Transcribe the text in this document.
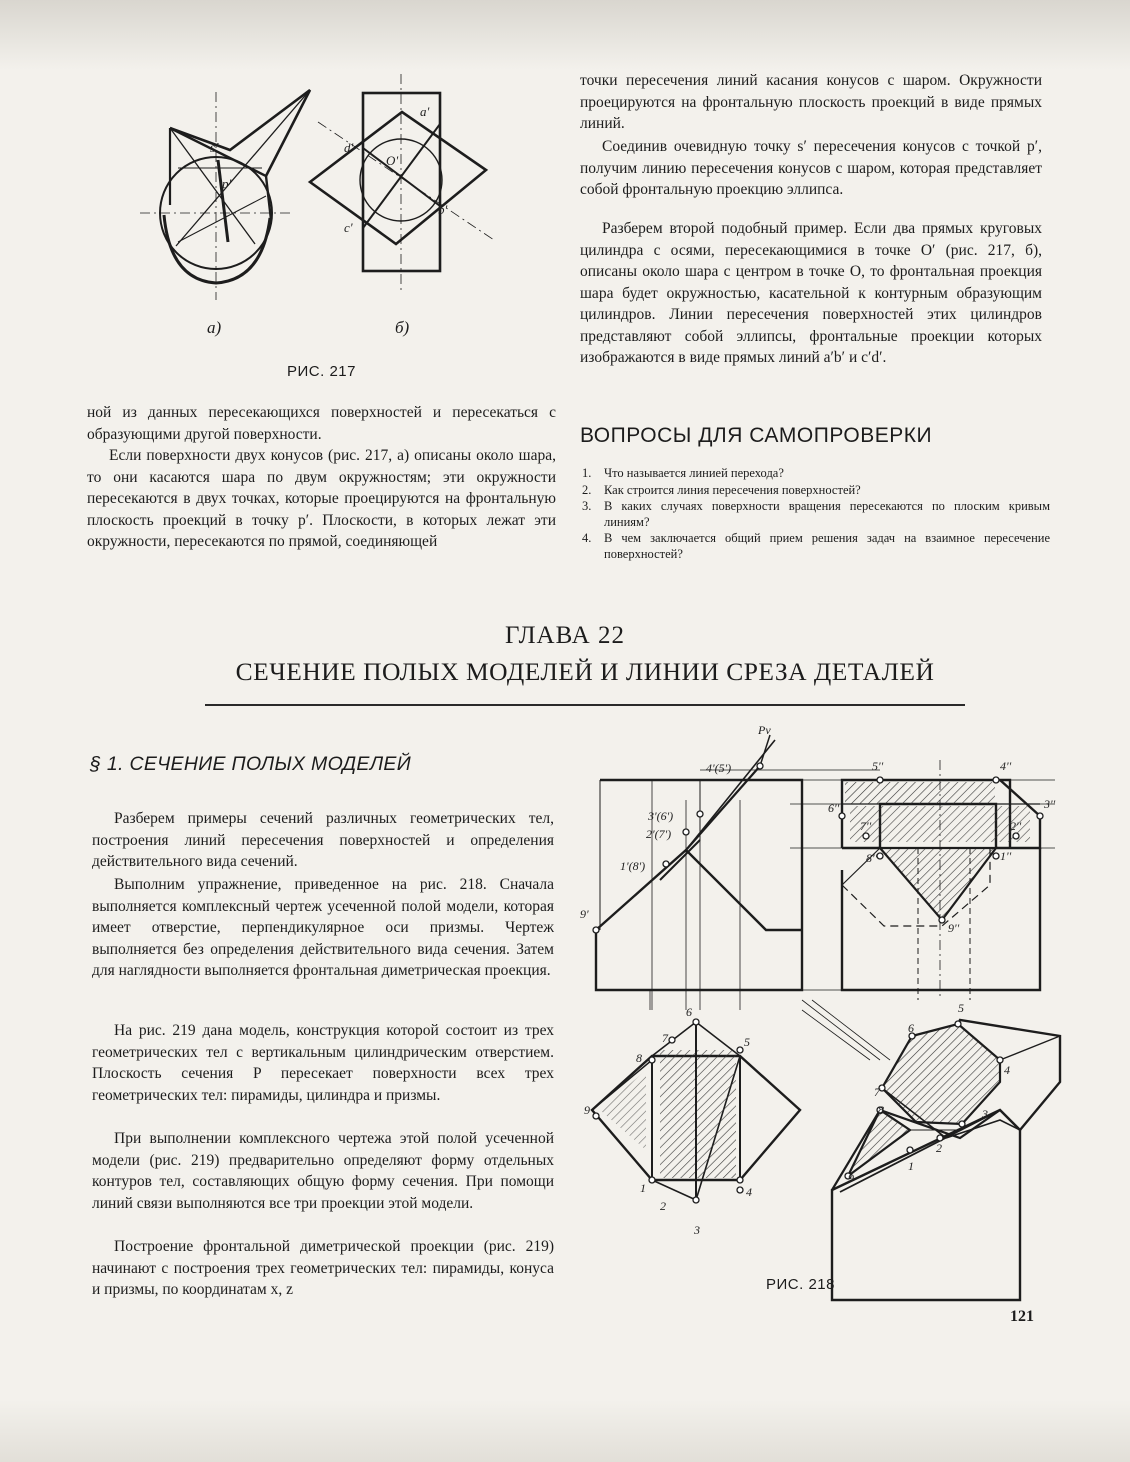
s'
p'
a'
d'
O'
c'
b'
а)	б)
РИС. 217

ной из данных пересекающихся поверхностей и пересекаться с образующими другой поверхности.

Если поверхности двух конусов (рис. 217, а) описаны около шара, то они касаются шара по двум окружностям; эти окружности пересекаются в двух точках, которые проецируются на фронтальную плоскость проекций в точку p′. Плоскости, в которых лежат эти окружности, пересекаются по прямой, соединяющей

точки пересечения линий касания конусов с шаром. Окружности проецируются на фронтальную плоскость проекций в виде прямых линий.

Соединив очевидную точку s′ пересечения конусов с точкой p′, получим линию пересечения конусов с шаром, которая представляет собой фронтальную проекцию эллипса.

Разберем второй подобный пример. Если два прямых круговых цилиндра с осями, пересекающимися в точке O′ (рис. 217, б), описаны около шара с центром в точке O, то фронтальная проекция шара будет окружностью, касательной к контурным образующим цилиндров. Линии пересечения поверхностей этих цилиндров представляют собой эллипсы, фронтальные проекции которых изображаются в виде прямых линий a′b′ и c′d′.

ВОПРОСЫ ДЛЯ САМОПРОВЕРКИ
1.	Что называется линией перехода?
2.	Как строится линия пересечения поверхностей?
3.	В каких случаях поверхности вращения пересекаются по плоским кривым линиям?
4.	В чем заключается общий прием решения задач на взаимное пересечение поверхностей?
ГЛАВА 22
СЕЧЕНИЕ ПОЛЫХ МОДЕЛЕЙ И ЛИНИИ СРЕЗА ДЕТАЛЕЙ
§ 1. СЕЧЕНИЕ ПОЛЫХ МОДЕЛЕЙ

Разберем примеры сечений различных геометрических тел, построения линий пересечения поверхностей и определения действительного вида сечений.

Выполним упражнение, приведенное на рис. 218. Сначала выполняется комплексный чертеж усеченной полой модели, которая имеет отверстие, перпендикулярное оси призмы. Чертеж выполняется без определения действительного вида сечения. Затем для наглядности выполняется фронтальная диметрическая проекция.

На рис. 219 дана модель, конструкция которой состоит из трех геометрических тел с вертикальным цилиндрическим отверстием. Плоскость сечения P пересекает поверхности всех трех геометрических тел: пирамиды, цилиндра и призмы.

При выполнении комплексного чертежа этой полой усеченной модели (рис. 219) предварительно определяют форму отдельных контуров тел, составляющих общую форму сечения. При помощи линий связи выполняются все три проекции этой модели.

Построение фронтальной диметрической проекции (рис. 219) начинают с построения трех геометрических тел: пирамиды, конуса и призмы, по координатам x, z

Pv
4'(5')
3'(6')
2'(7')
1'(8')
9'
5''	4''
6''	3''
7''	2''
8''	1''
9''
6
7
8
5
9
1
2
4
3
5
6
4
7
8	3
2
9
1
РИС. 218
121
